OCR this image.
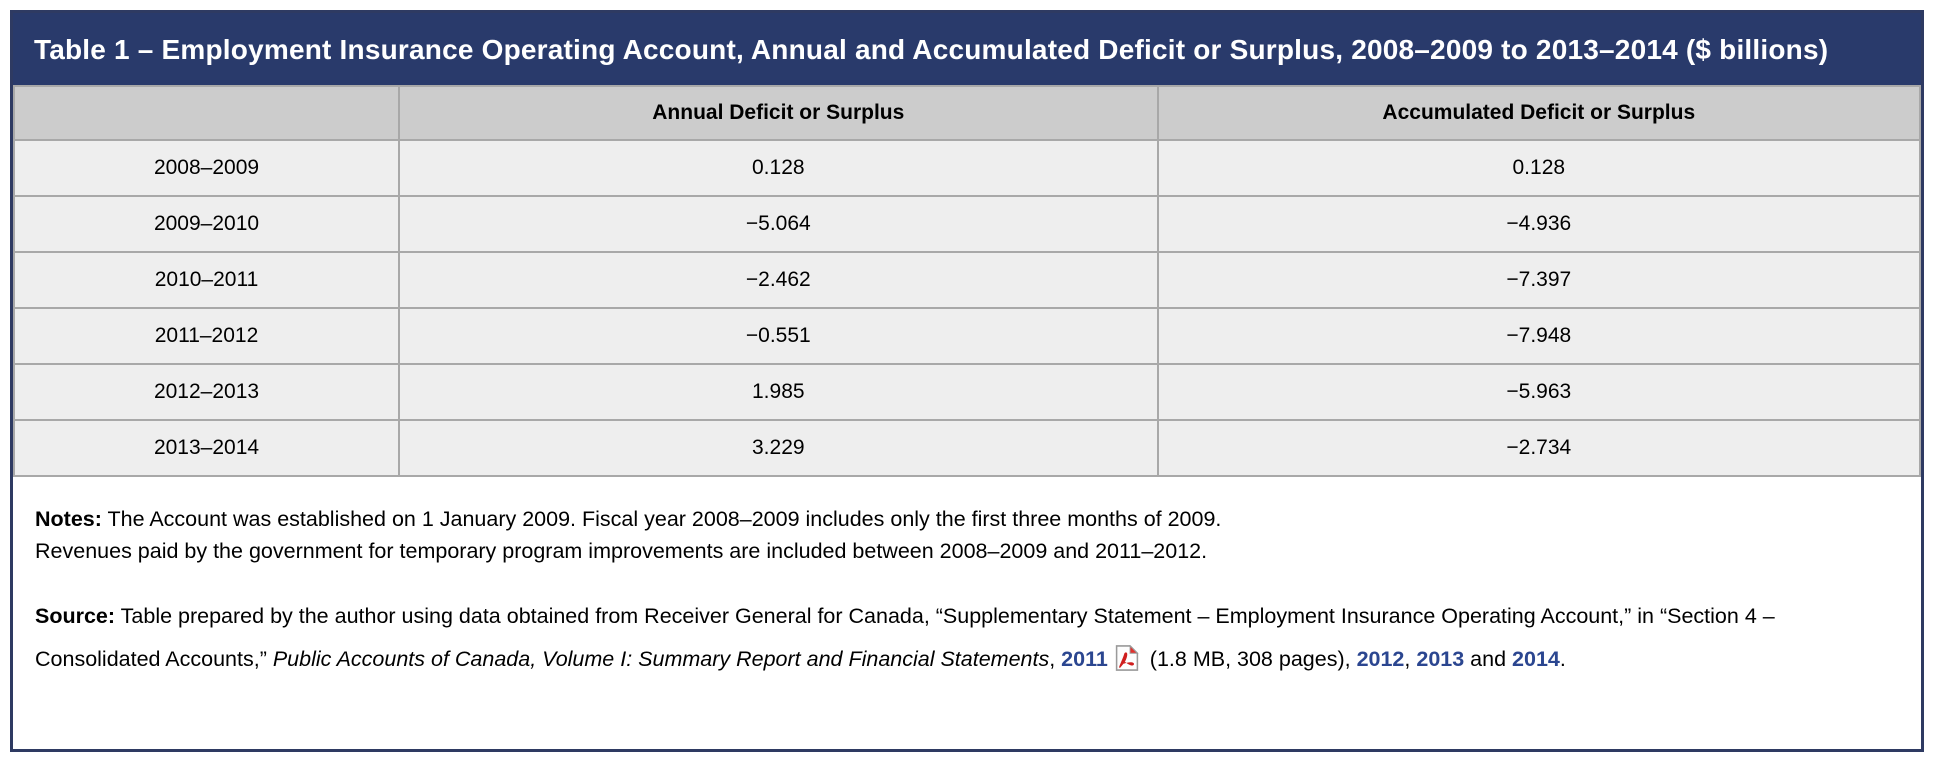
Table 1 – Employment Insurance Operating Account, Annual and Accumulated Deficit or Surplus, 2008–2009 to 2013–2014 ($ billions)
	Annual Deficit or Surplus	Accumulated Deficit or Surplus
2008–2009	0.128	0.128
2009–2010	−5.064	−4.936
2010–2011	−2.462	−7.397
2011–2012	−0.551	−7.948
2012–2013	1.985	−5.963
2013–2014	3.229	−2.734

Notes: The Account was established on 1 January 2009. Fiscal year 2008–2009 includes only the first three months of 2009.
Revenues paid by the government for temporary program improvements are included between 2008–2009 and 2011–2012.

Source: Table prepared by the author using data obtained from Receiver General for Canada, “Supplementary Statement – Employment Insurance Operating Account,” in “Section 4 – Consolidated Accounts,” Public Accounts of Canada, Volume I: Summary Report and Financial Statements, 2011 (1.8 MB, 308 pages), 2012, 2013 and 2014.
